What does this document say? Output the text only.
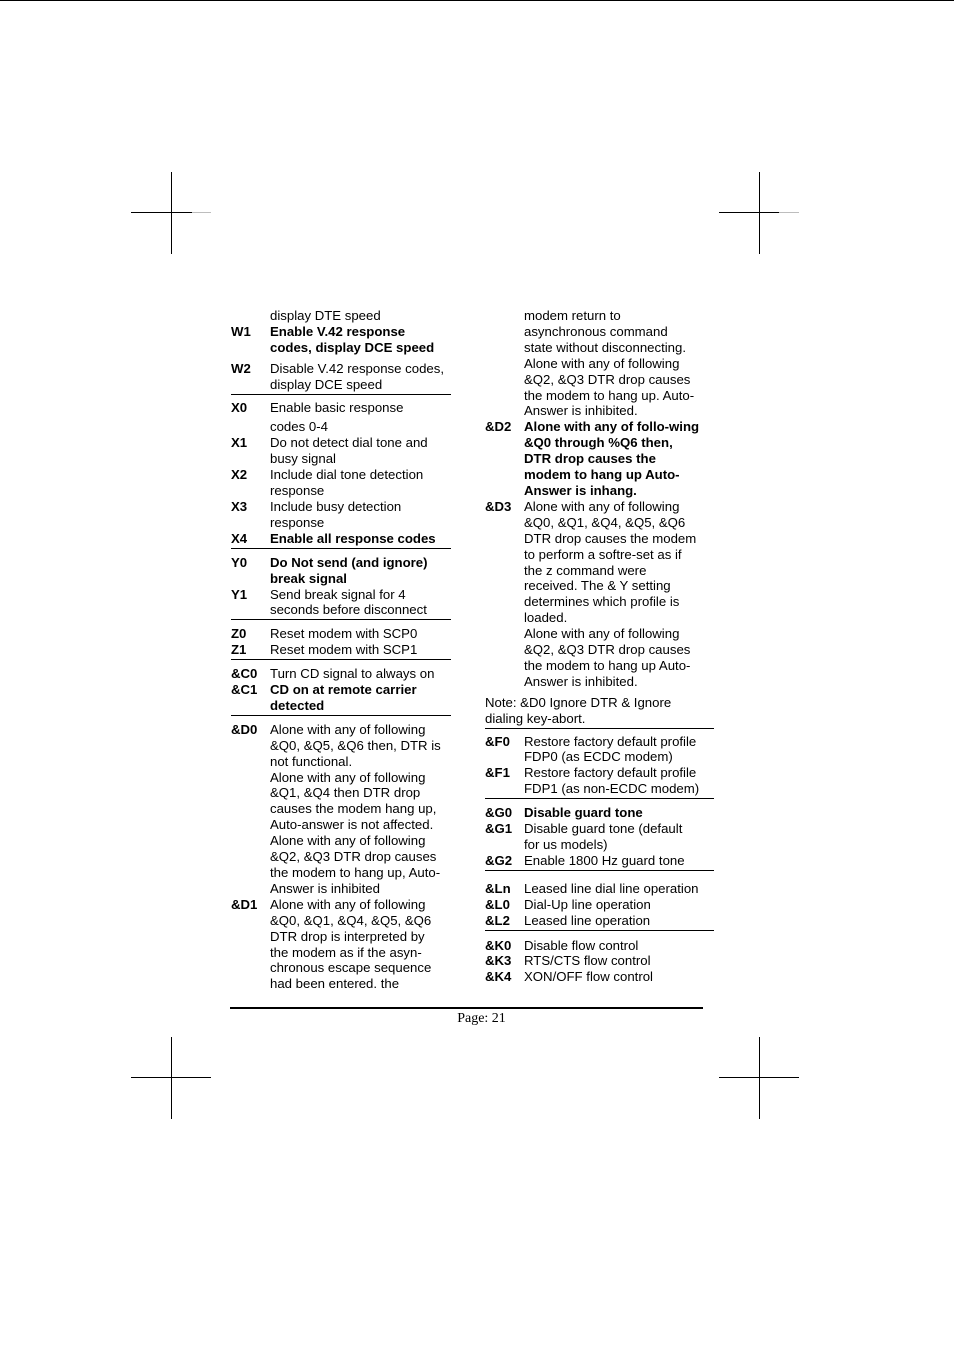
display DTE speed
W1 Enable V.42 response
codes, display DCE speed
W2 Disable V.42 response codes,
display DCE speed
X0 Enable basic response
codes 0-4
X1 Do not detect dial tone and
busy signal
X2 Include dial tone detection
response
X3 Include busy detection
response
X4 Enable all response codes
Y0 Do Not send (and ignore)
break signal
Y1 Send break signal for 4
seconds before disconnect
Z0 Reset modem with SCP0
Z1 Reset modem with SCP1
&C0 Turn CD signal to always on
&C1 CD on at remote carrier
detected
&D0 Alone with any of following
&Q0, &Q5, &Q6 then, DTR is
not functional.
Alone with any of following
&Q1, &Q4 then DTR drop
causes the modem hang up,
Auto-answer is not affected.
Alone with any of following
&Q2, &Q3 DTR drop causes
the modem to hang up, Auto-
Answer is inhibited
&D1 Alone with any of following
&Q0, &Q1, &Q4, &Q5, &Q6
DTR drop is interpreted by
the modem as if the asyn-
chronous escape sequence
had been entered. the
modem return to
asynchronous command
state without disconnecting.
Alone with any of following
&Q2, &Q3 DTR drop causes
the modem to hang up. Auto-
Answer is inhibited.
&D2 Alone with any of follo-wing
&Q0 through %Q6 then,
DTR drop causes the
modem to hang up Auto-
Answer is inhang.
&D3 Alone with any of following
&Q0, &Q1, &Q4, &Q5, &Q6
DTR drop causes the modem
to perform a softre-set as if
the z command were
received. The & Y setting
determines which profile is
loaded.
Alone with any of following
&Q2, &Q3 DTR drop causes
the modem to hang up Auto-
Answer is inhibited.
Note: &D0 Ignore DTR & Ignore
dialing key-abort.
&F0 Restore factory default profile
FDP0 (as ECDC modem)
&F1 Restore factory default profile
FDP1 (as non-ECDC modem)
&G0 Disable guard tone
&G1 Disable guard tone (default
for us models)
&G2 Enable 1800 Hz guard tone
&Ln Leased line dial line operation
&L0 Dial-Up line operation
&L2 Leased line operation
&K0 Disable flow control
&K3 RTS/CTS flow control
&K4 XON/OFF flow control
Page: 21
